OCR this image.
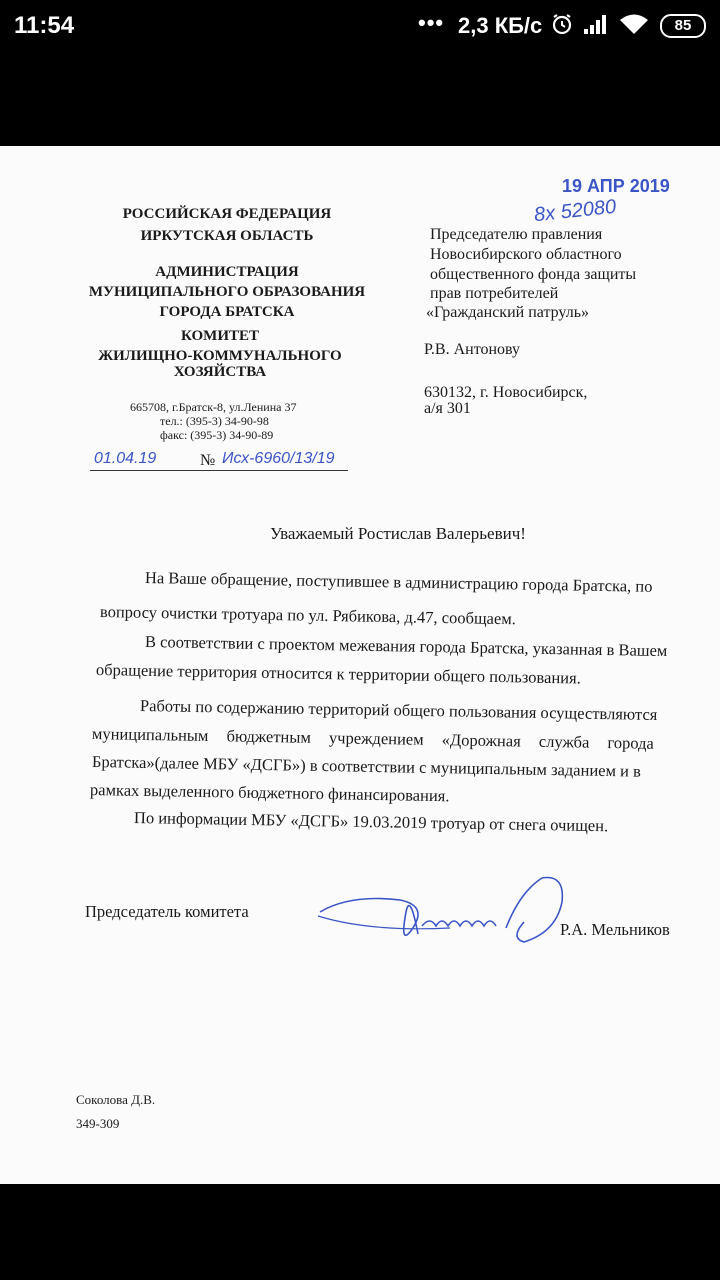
11:54	••• 2,3 КБ/с	85
19 АПР 2019
8х 52080
РОССИЙСКАЯ ФЕДЕРАЦИЯ
ИРКУТСКАЯ ОБЛАСТЬ
АДМИНИСТРАЦИЯ
МУНИЦИПАЛЬНОГО ОБРАЗОВАНИЯ
ГОРОДА БРАТСКА
КОМИТЕТ
ЖИЛИЩНО-КОММУНАЛЬНОГО
ХОЗЯЙСТВА
665708, г.Братск-8, ул.Ленина 37
тел.: (395-3) 34-90-98
факс: (395-3) 34-90-89
01.04.19	№ Исх-6960/13/19
Председателю правления
Новосибирского областного
общественного фонда защиты
прав потребителей
«Гражданский патруль»
Р.В. Антонову
630132, г. Новосибирск,
а/я 301
Уважаемый Ростислав Валерьевич!
На Ваше обращение, поступившее в администрацию города Братска, по
вопросу очистки тротуара по ул. Рябикова, д.47, сообщаем.
В соответствии с проектом межевания города Братска, указанная в Вашем
обращение территория относится к территории общего пользования.
Работы по содержанию территорий общего пользования осуществляются
муниципальным бюджетным учреждением «Дорожная служба города
Братска»(далее МБУ «ДСГБ») в соответствии с муниципальным заданием и в
рамках выделенного бюджетного финансирования.
По информации МБУ «ДСГБ» 19.03.2019 тротуар от снега очищен.
Председатель комитета
Р.А. Мельников
Соколова Д.В.
349-309
